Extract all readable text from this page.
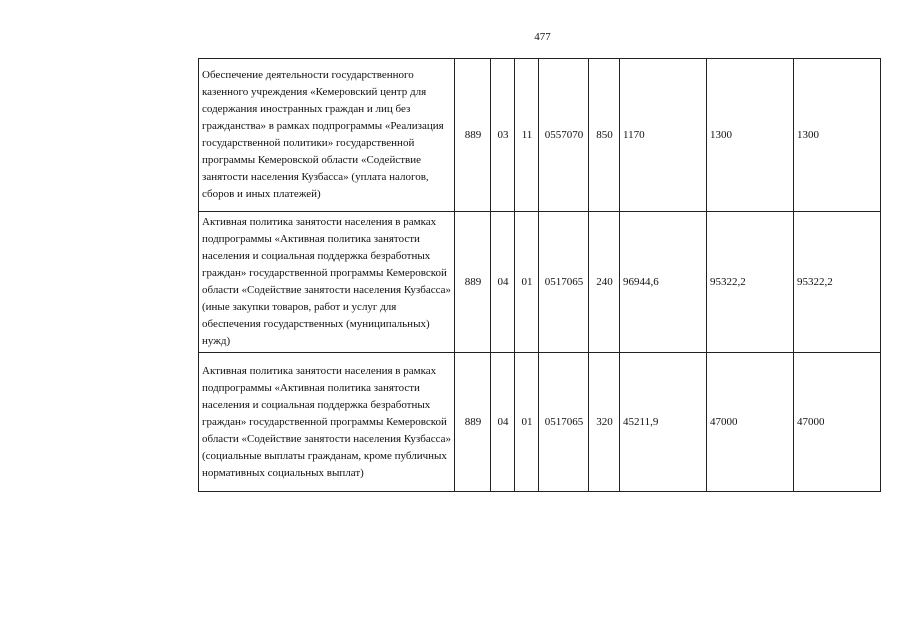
477
Обеспечение деятельности государственного казенного учреждения «Кемеровский центр для содержания иностранных граждан и лиц без гражданства» в рамках подпрограммы «Реализация государственной политики» государственной программы Кемеровской области «Содействие занятости населения Кузбасса» (уплата налогов, сборов и иных платежей)	889	03	11	0557070	850	1170	1300	1300
Активная политика занятости населения в рамках подпрограммы «Активная политика занятости населения и социальная поддержка безработных граждан» государственной программы Кемеровской области «Содействие занятости населения Кузбасса» (иные закупки товаров, работ и услуг для обеспечения государственных (муниципальных) нужд)	889	04	01	0517065	240	96944,6	95322,2	95322,2
Активная политика занятости населения в рамках подпрограммы «Активная политика занятости населения и социальная поддержка безработных граждан» государственной программы Кемеровской области «Содействие занятости населения Кузбасса» (социальные выплаты гражданам, кроме публичных нормативных социальных выплат)	889	04	01	0517065	320	45211,9	47000	47000
